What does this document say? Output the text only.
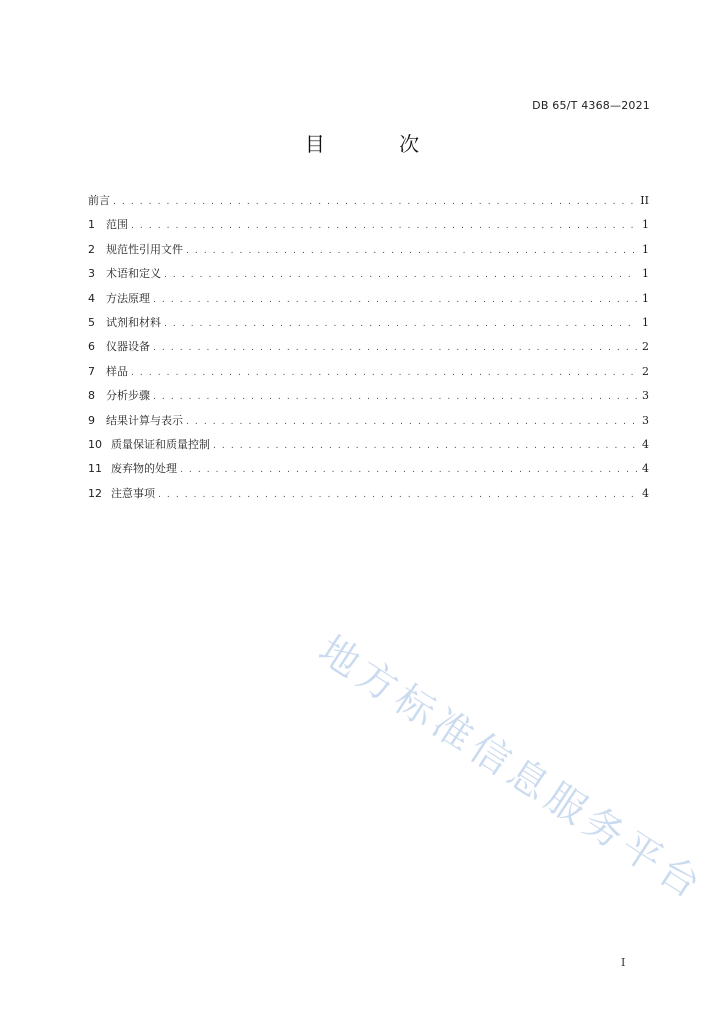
DB 65/T 4368—2021
目 次
前言 . . .	II
1	范围 . . .	1
2	规范性引用文件 . . .	1
3	术语和定义 . . .	1
4	方法原理 . . .	1
5	试剂和材料 . . .	1
6	仪器设备 . . .	2
7	样品 . . .	2
8	分析步骤 . . .	3
9	结果计算与表示 . . .	3
10 质量保证和质量控制 . . .	4
11 废弃物的处理 . . .	4
12 注意事项 . . .	4
地方标准信息服务平台
I
